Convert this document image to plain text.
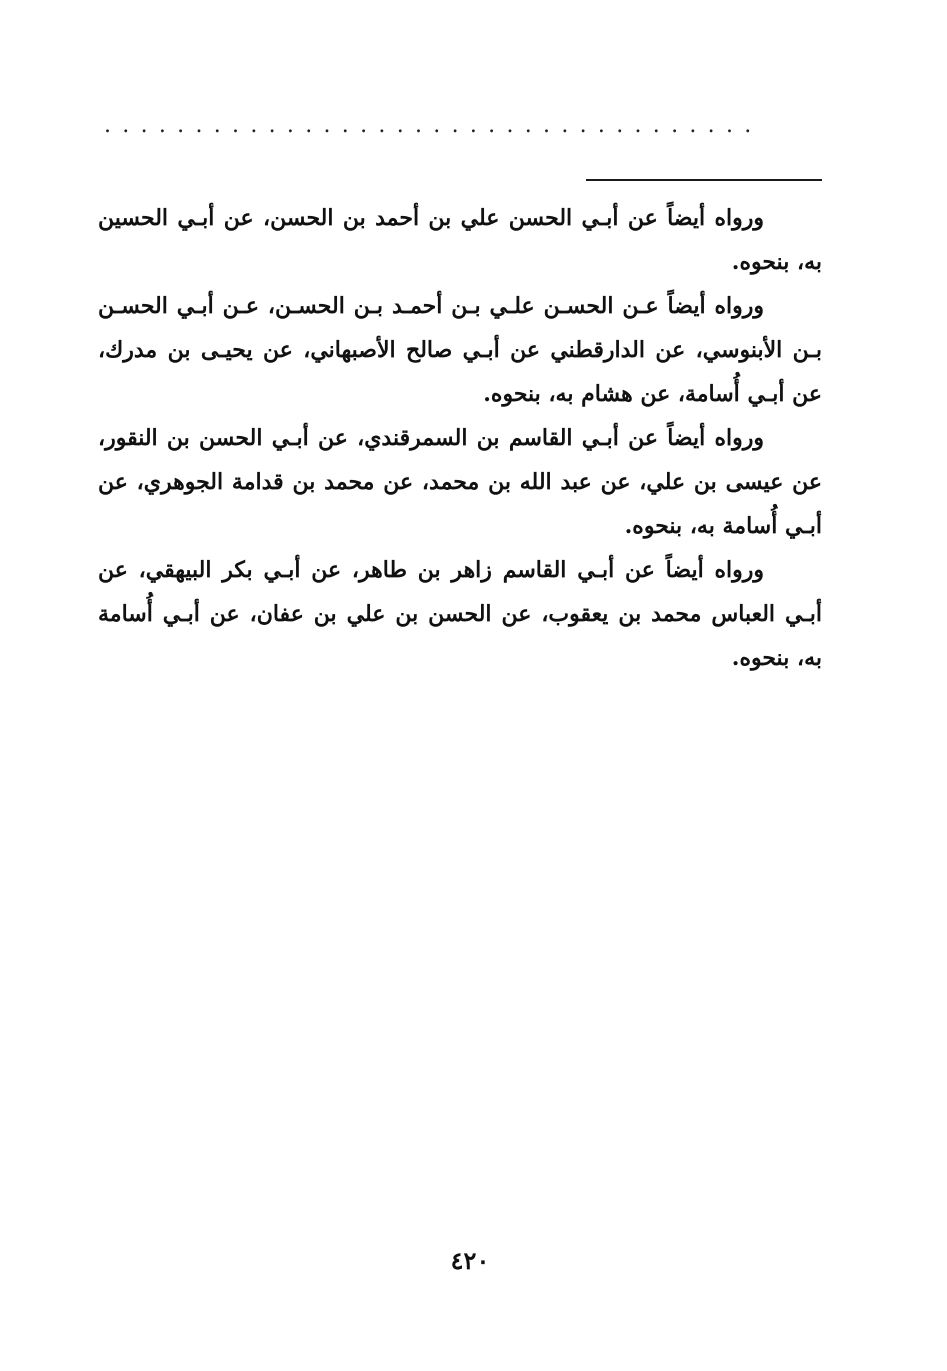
....................................

ورواه أيضاً عن أبـي الحسن علي بن أحمد بن الحسن، عن أبـي الحسين به، بنحوه.

ورواه أيضاً عـن الحسـن علـي بـن أحمـد بـن الحسـن، عـن أبـي الحسـن بـن الأبنوسي، عن الدارقطني عن أبـي صالح الأصبهاني، عن يحيـى بن مدرك، عن أبـي أُسامة، عن هشام به، بنحوه.

ورواه أيضاً عن أبـي القاسم بن السمرقندي، عن أبـي الحسن بن النقور، عن عيسى بن علي، عن عبد الله بن محمد، عن محمد بن قدامة الجوهري، عن أبـي أُسامة به، بنحوه.

ورواه أيضاً عن أبـي القاسم زاهر بن طاهر، عن أبـي بكر البيهقي، عن أبـي العباس محمد بن يعقوب، عن الحسن بن علي بن عفان، عن أبـي أُسامة به، بنحوه.

٤٢٠
